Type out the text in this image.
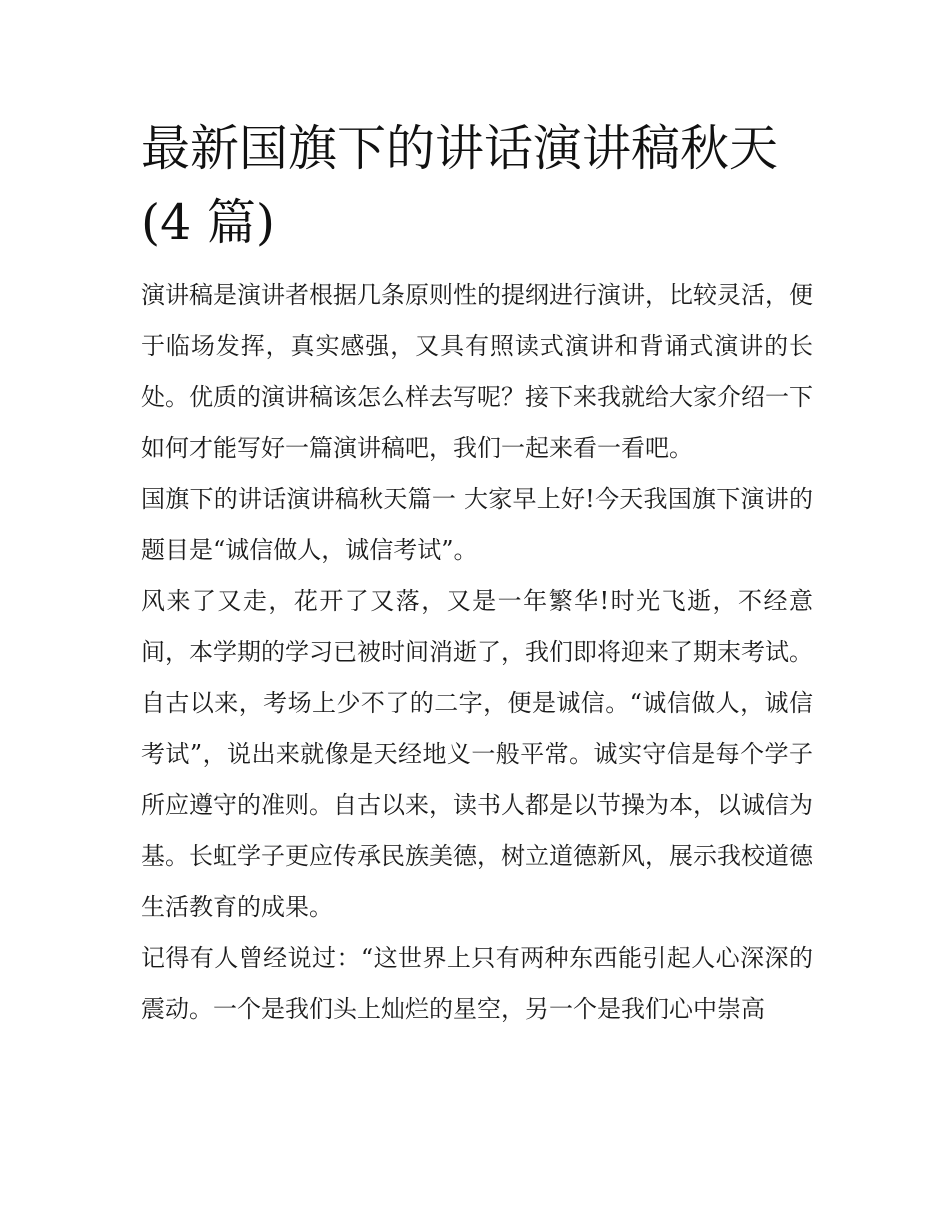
最新国旗下的讲话演讲稿秋天(4 篇)

演讲稿是演讲者根据几条原则性的提纲进行演讲，比较灵活，便于临场发挥，真实感强，又具有照读式演讲和背诵式演讲的长处。优质的演讲稿该怎么样去写呢？接下来我就给大家介绍一下如何才能写好一篇演讲稿吧，我们一起来看一看吧。

国旗下的讲话演讲稿秋天篇一 大家早上好!今天我国旗下演讲的题目是“诚信做人，诚信考试”。

风来了又走，花开了又落，又是一年繁华!时光飞逝，不经意间，本学期的学习已被时间消逝了，我们即将迎来了期末考试。

自古以来，考场上少不了的二字，便是诚信。“诚信做人，诚信考试”，说出来就像是天经地义一般平常。诚实守信是每个学子所应遵守的准则。自古以来，读书人都是以节操为本，以诚信为基。长虹学子更应传承民族美德，树立道德新风，展示我校道德生活教育的成果。

记得有人曾经说过：“这世界上只有两种东西能引起人心深深的震动。一个是我们头上灿烂的星空，另一个是我们心中崇高
